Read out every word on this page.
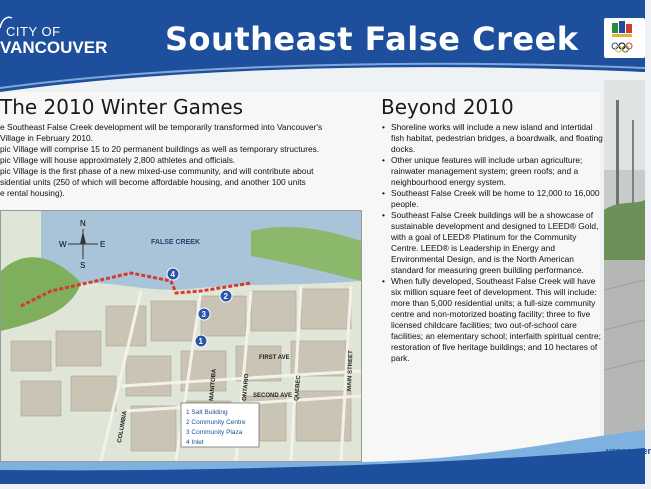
CITY OF
VANCOUVER Southeast False Creek
The 2010 Winter Games
e Southeast False Creek development will be temporarily transformed into Vancouver's
Village in February 2010.
pic Village will comprise 15 to 20 permanent buildings as well as temporary structures.
pic Village will house approximately 2,800 athletes and officials.
pic Village is the first phase of a new mixed-use community, and will contribute about
sidential units (250 of which will become affordable housing, and another 100 units
e rental housing).
Beyond 2010
• Shoreline works will include a new island and intertidal fish habitat, pedestrian bridges, a boardwalk, and floating docks.
• Other unique features will include urban agriculture; rainwater management system; green roofs; and a neighbourhood energy system.
• Southeast False Creek will be home to 12,000 to 16,000 people.
• Southeast False Creek buildings will be a showcase of sustainable development and designed to LEED® Gold, with a goal of LEED® Platinum for the Community Centre. LEED® is Leadership in Energy and Environmental Design, and is the North American standard for measuring green building performance.
• When fully developed, Southeast False Creek will have six million square feet of development. This will include: more than 5,000 residential units; a full-size community centre and non-motorized boating facility; three to five licensed childcare facilities; two out-of-school care facilities; an elementary school; interfaith spiritual centre; restoration of five heritage buildings; and 10 hectares of park.
N
S
E
W	FALSE CREEK
FIRST AVE
SECOND AVE
COLUMBIA
MANITOBA	ONTARIO	QUEBEC	MAIN STREET
1
2
3
4
1 Salt Building
2 Community Centre
3 Community Plaza
4 Inlet
vancouver
